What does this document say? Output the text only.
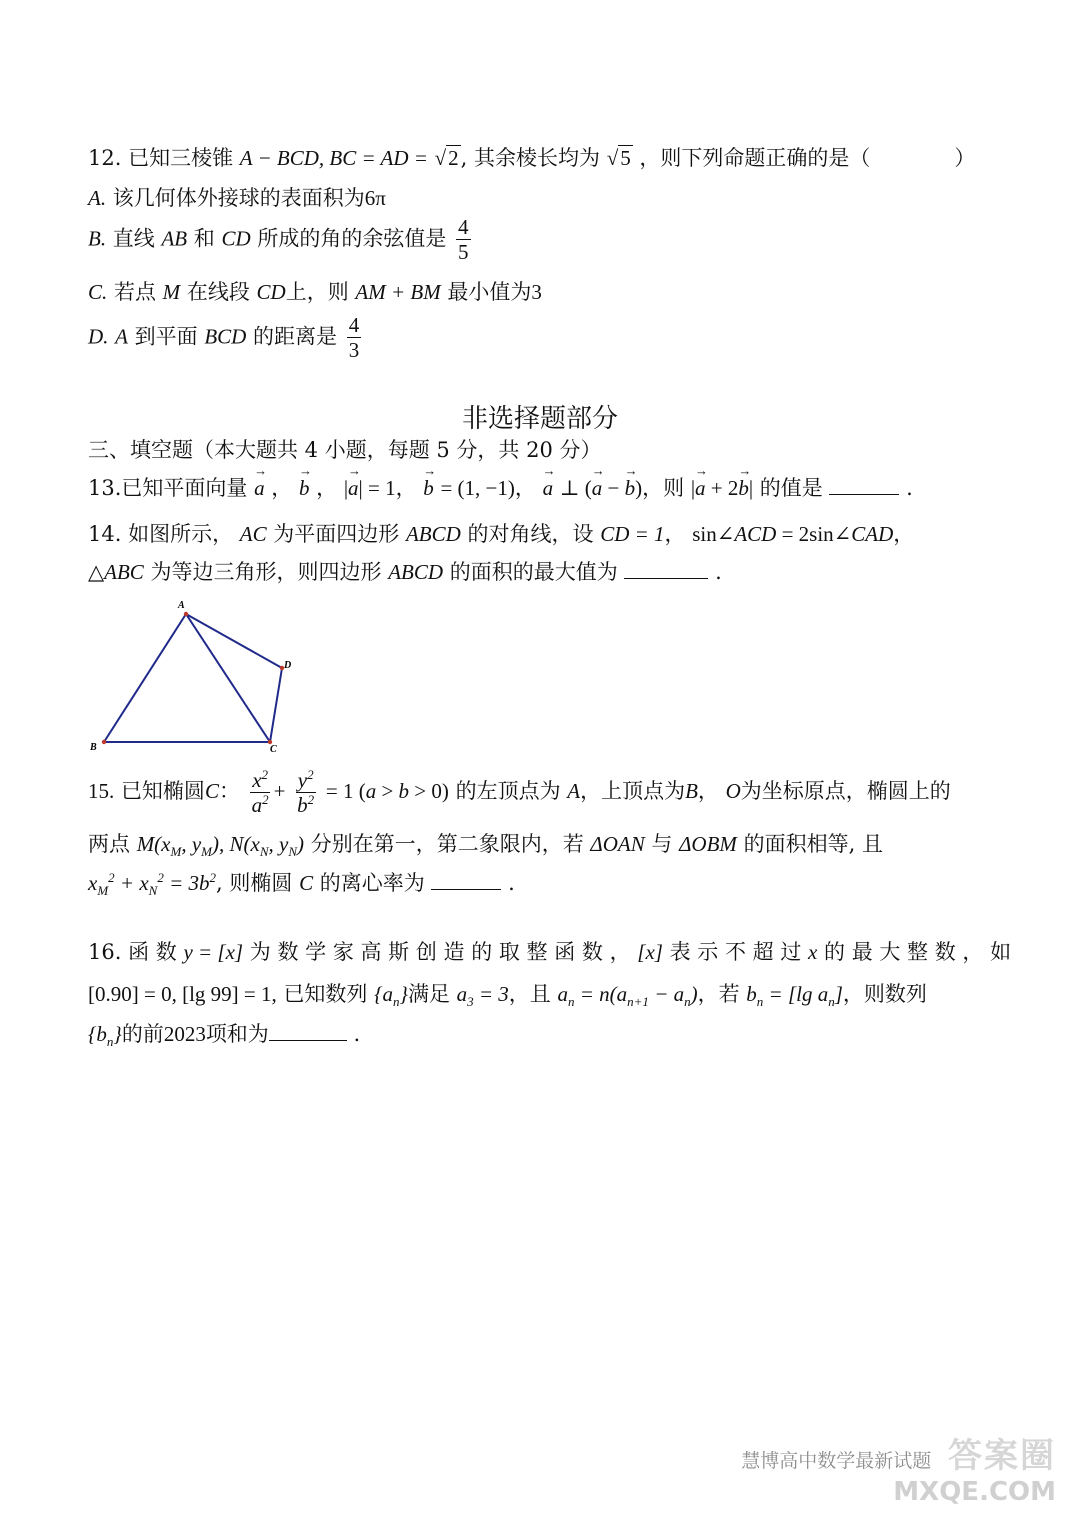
12. 已知三棱锥 A − BCD, BC = AD = √2, 其余棱长均为 √5 ，则下列命题正确的是（　　　　）
A. 该几何体外接球的表面积为6π
B. 直线 AB 和 CD 所成的角的余弦值是 $\frac{4}{5}$
C. 若点 M 在线段 CD上，则 AM + BM 最小值为3
D. A 到平面 BCD 的距离是 $\frac{4}{3}$
非选择题部分
三、填空题（本大题共 4 小题，每题 5 分，共 20 分）
13.已知平面向量 → a ， → b ， |→ a| = 1， → b = (1, −1)， → a ⊥ (→ a − → b)，则 |→ a + 2→ b| 的值是	.
14. 如图所示， AC 为平面四边形 ABCD 的对角线，设 CD = 1， sin∠ACD = 2sin∠CAD，
△ABC 为等边三角形，则四边形 ABCD 的面积的最大值为	.
A
B	C
D
15. 已知椭圆C： $\frac{x^2}{a^2} + \frac{y^2}{b^2} = 1$ (a > b > 0) 的左顶点为 A，上顶点为B， O为坐标原点，椭圆上的
两点 $M(x_M$, $y_M$), $N(x_N$, $y_N$) 分别在第一，第二象限内，若 ΔOAN 与 ΔOBM 的面积相等, 且
$x_M^2 + x_N^2 = 3b^2$, 则椭圆 C 的离心率为	.
16. 函 数 y = [x] 为 数 学 家 高 斯 创 造 的 取 整 函 数 ， [x] 表 示 不 超 过 x 的 最 大 整 数 ， 如
[0.90] = 0, [lg 99] = 1, 已知数列 $\{a_n\}$满足 $a_3 = 3$，且 $a_n = n(a_{n+1} - a_n)$，若 $b_n = [\lg$ $a_n$]，则数列
$\{b_n\}$的前2023项和为	.
慧博高中数学最新试题 答案圈
MXQE.COM
